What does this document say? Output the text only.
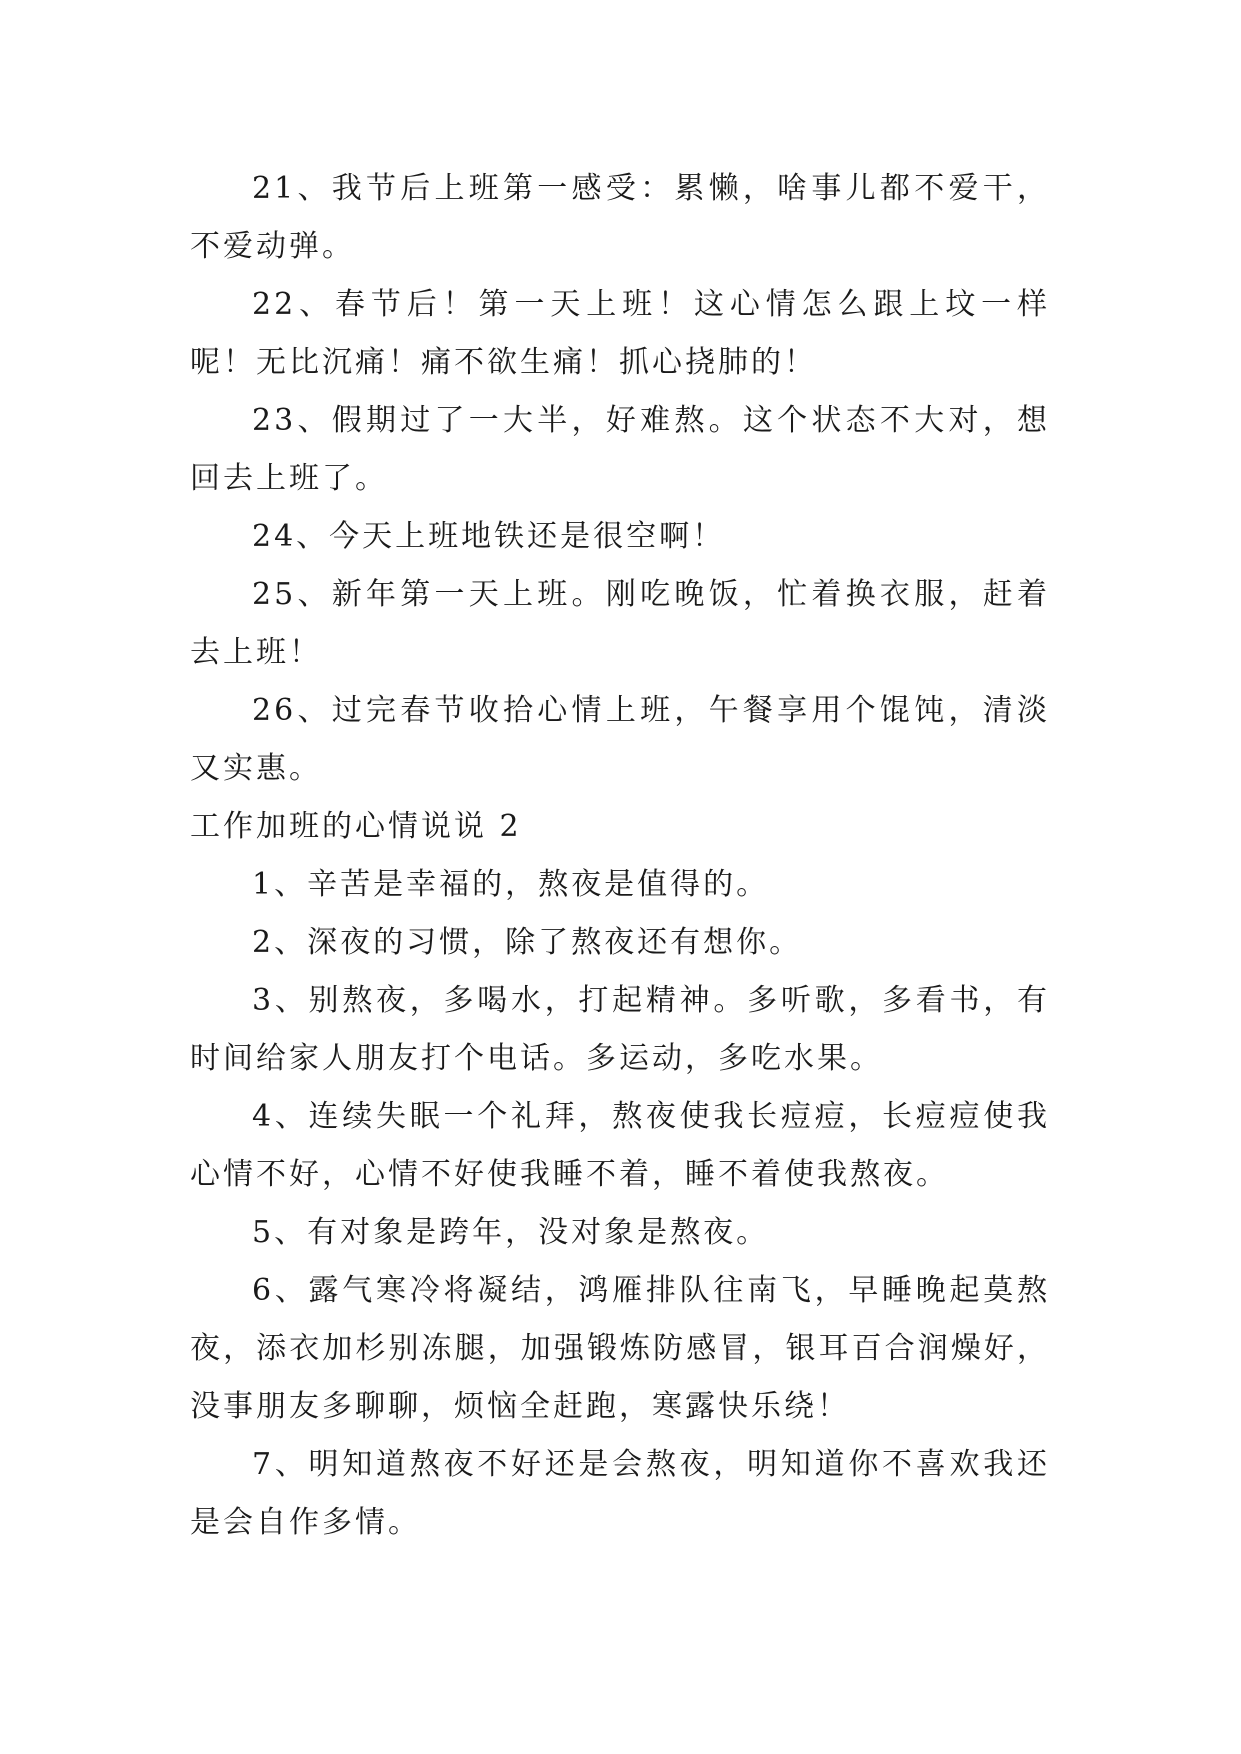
21、我节后上班第一感受：累懒，啥事儿都不爱干，不爱动弹。

22、春节后！第一天上班！这心情怎么跟上坟一样呢！无比沉痛！痛不欲生痛！抓心挠肺的！

23、假期过了一大半，好难熬。这个状态不大对，想回去上班了。

24、今天上班地铁还是很空啊！

25、新年第一天上班。刚吃晚饭，忙着换衣服，赶着去上班！

26、过完春节收拾心情上班，午餐享用个馄饨，清淡又实惠。

工作加班的心情说说 2

1、辛苦是幸福的，熬夜是值得的。

2、深夜的习惯，除了熬夜还有想你。

3、别熬夜，多喝水，打起精神。多听歌，多看书，有时间给家人朋友打个电话。多运动，多吃水果。

4、连续失眠一个礼拜，熬夜使我长痘痘，长痘痘使我心情不好，心情不好使我睡不着，睡不着使我熬夜。

5、有对象是跨年，没对象是熬夜。

6、露气寒冷将凝结，鸿雁排队往南飞，早睡晚起莫熬夜，添衣加杉别冻腿，加强锻炼防感冒，银耳百合润燥好，没事朋友多聊聊，烦恼全赶跑，寒露快乐绕！

7、明知道熬夜不好还是会熬夜，明知道你不喜欢我还是会自作多情。
